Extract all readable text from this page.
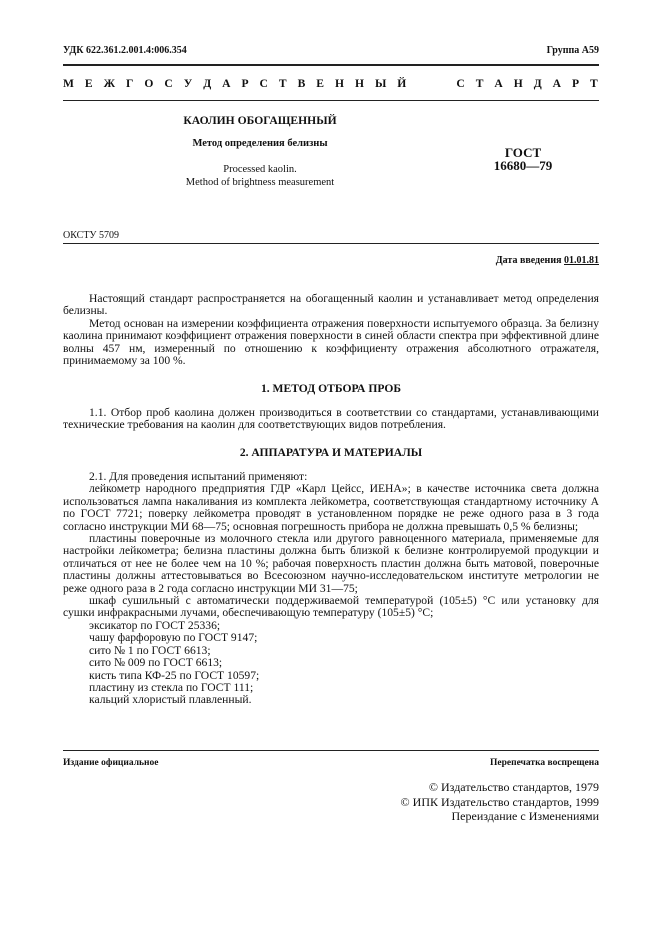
УДК 622.361.2.001.4:006.354	Группа А59
М Е Ж Г О С У Д А Р С Т В Е Н Н Ы Й     С Т А Н Д А Р Т
КАОЛИН ОБОГАЩЕННЫЙ
Метод определения белизны
Processed kaolin.
Method of brightness measurement
ГОСТ
16680—79
ОКСТУ 5709
Дата введения 01.01.81

Настоящий стандарт распространяется на обогащенный каолин и устанавливает метод определения белизны.

Метод основан на измерении коэффициента отражения поверхности испытуемого образца. За белизну каолина принимают коэффициент отражения поверхности в синей области спектра при эффективной длине волны 457 нм, измеренный по отношению к коэффициенту отражения абсолютного отражателя, принимаемому за 100 %.

1. МЕТОД ОТБОРА ПРОБ

1.1. Отбор проб каолина должен производиться в соответствии со стандартами, устанавливающими технические требования на каолин для соответствующих видов потребления.

2. АППАРАТУРА И МАТЕРИАЛЫ

2.1. Для проведения испытаний применяют:

лейкометр народного предприятия ГДР «Карл Цейсс, ИЕНА»; в качестве источника света должна использоваться лампа накаливания из комплекта лейкометра, соответствующая стандартному источнику А по ГОСТ 7721; поверку лейкометра проводят в установленном порядке не реже одного раза в 3 года согласно инструкции МИ 68—75; основная погрешность прибора не должна превышать 0,5 % белизны;

пластины поверочные из молочного стекла или другого равноценного материала, применяемые для настройки лейкометра; белизна пластины должна быть близкой к белизне контролируемой продукции и отличаться от нее не более чем на 10 %; рабочая поверхность пластин должна быть матовой, поверочные пластины должны аттестовываться во Всесоюзном научно-исследовательском институте метрологии не реже одного раза в 2 года согласно инструкции МИ 31—75;

шкаф сушильный с автоматически поддерживаемой температурой (105±5) °С или установку для сушки инфракрасными лучами, обеспечивающую температуру (105±5) °С;

эксикатор по ГОСТ 25336;

чашу фарфоровую по ГОСТ 9147;

сито № 1 по ГОСТ 6613;

сито № 009 по ГОСТ 6613;

кисть типа КФ-25 по ГОСТ 10597;

пластину из стекла по ГОСТ 111;

кальций хлористый плавленный.

Издание официальное	Перепечатка воспрещена
© Издательство стандартов, 1979
© ИПК Издательство стандартов, 1999
Переиздание с Изменениями
